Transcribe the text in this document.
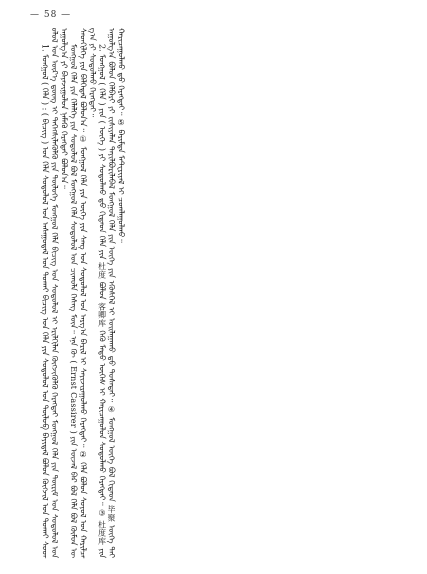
— 58 —

1. ᠮᠣᠩᠭᠣᠯ ( ᠬᠡᠯᠡ ) : ( ᠪᠢᠴᠢᠭ ) ᠤᠨ ᠬᠡᠯᠡ ᠰᠤᠳᠤᠯᠤᠯ ᠤᠨ ᠠᠰᠠᠭᠤᠳᠠᠯ ᠤᠨ ᠲᠤᠬᠠᠢ ᠪᠢᠴᠢᠭ ᠤᠨ ᠬᠡᠯᠡ ᠶᠢᠨ ᠰᠤᠳᠤᠯᠤᠯ ᠤᠨ ᠲᠦᠯᠦᠪ ᠪᠠᠶᠢᠳᠠᠯ ᠪᠣᠯᠤᠨ ᠬᠥᠭᠵᠢᠯ ᠤᠨ ᠲᠤᠬᠠᠢ ᠰᠤᠳᠤᠯᠤᠯ ᠤᠨ ᠦᠷ᠎ᠡ ᠳ᠋ᠦᠩ ᠢ ᠳᠡᠭᠡᠭᠰᠢᠯᠡᠭᠦᠯᠬᠦ ᠶᠢᠨ ᠲᠥᠯᠦᠭᠡ ᠮᠣᠩᠭᠣᠯ ᠬᠡᠯᠡ ᠪᠢᠴᠢᠭ ᠤᠨ ᠰᠤᠳᠤᠯᠤᠯ ᠢ ᠡᠷᠢᠯᠬᠢᠯᠡᠨ ᠬᠥᠭᠵᠢᠭᠦᠯᠬᠦ ᠬᠡᠷᠡᠭᠲᠡᠢ ᠮᠣᠩᠭᠣᠯ ᠬᠡᠯᠡ ᠶᠢᠨ ᠳᠦᠷᠢᠮ ᠤᠨ ᠰᠤᠳᠤᠯᠤᠯ ᠤᠨ ᠠᠭᠤᠯᠭ᠎ᠠ ᠶᠢ ᠪᠠᠶᠠᠵᠢᠭᠤᠯᠤᠨ ᠨᠡᠮᠡᠬᠦ ᠬᠡᠷᠡᠭᠲᠡᠢ ᠪᠣᠯᠤᠨ᠎ᠠ᠃ ᠮᠣᠩᠭᠣᠯ ᠬᠡᠯᠡ ᠶᠢᠨ ᠬᠡᠯᠡᠯᠭᠡ ᠶᠢᠨ ᠰᠤᠳᠤᠯᠤᠯ ᠪᠣᠯ ᠮᠣᠩᠭᠣᠯ ᠬᠡᠯᠡ ᠰᠤᠳᠤᠯᠤᠯ ᠤᠨ ᠴᠢᠬᠤᠯᠠ ᠬᠡᠰᠡᠭ ᠮᠥᠨ᠃ ᠡᠨᠡ ᠬᠦ ( Ernst Cassirer ) ᠶᠢᠨ ᠦᠵᠡᠯ ᠪᠠᠷ ᠪᠣᠯ ᠬᠡᠯᠡ ᠪᠣᠯ ᠬᠦᠮᠦᠨ ᠦ ᠰᠡᠳᠬᠢᠯᠭᠡ ᠶᠢᠨ ᠪᠡᠯᠭᠡᠳᠡᠯ ᠪᠣᠯᠤᠨ᠎ᠠ᠃ ① ᠮᠣᠩᠭᠣᠯ ᠬᠡᠯᠡ ᠶᠢᠨ ᠦᠭᠡ ᠶᠢᠨ ᠰᠠᠩ ᠤᠨ ᠰᠤᠳᠤᠯᠤᠯ ᠤᠨ ᠠᠷᠭ᠎ᠠ ᠪᠠᠷᠢᠯ ᠢ ᠰᠠᠶᠢᠵᠢᠷᠠᠭᠤᠯᠬᠤ ᠬᠡᠷᠡᠭᠲᠡᠢ᠃ ② ᠬᠡᠯᠡ ᠪᠣᠯᠤᠨ ᠰᠣᠶᠣᠯ ᠤᠨ ᠬᠠᠷᠢᠯᠴᠠᠭ᠎ᠠ ᠶᠢ ᠰᠤᠳᠤᠯᠬᠤ ᠬᠡᠷᠡᠭᠲᠡᠢ᠃ 2. ᠮᠣᠩᠭᠣᠯ ( ᠬᠡᠯᠡ ) ᠶᠢᠨ ( ᠦᠭᠡ ) ᠶᠢ ᠰᠤᠳᠤᠯᠬᠤ ᠳ᠋ᠤ᠌ ᠬᠢᠲᠠᠳ ᠬᠡᠯᠡ ᠶᠢᠨ 杜度 ᠪᠣᠯᠤᠨ 客卿库 ᠭᠡᠬᠦ ᠮᠡᠲᠦ ᠦᠭᠡᠰ ᠢ ᠬᠠᠷᠢᠴᠠᠭᠤᠯᠤᠨ ᠰᠤᠳᠤᠯᠬᠤ ᠬᠡᠷᠡᠭᠲᠡᠢ᠃ ③ 杜度库 ᠶᠢᠨ ᠠᠭᠤᠯᠭ᠎ᠠ ᠪᠣᠯᠤᠨ ᠬᠡᠯᠪᠡᠷᠢ ᠶᠢ ᠵᠢᠱᠢᠶᠡᠯᠡᠨ ᠲᠠᠶᠢᠯᠪᠤᠷᠢᠯᠠᠪᠠᠯ ᠮᠣᠩᠭᠣᠯ ᠬᠡᠯᠡ ᠶᠢᠨ ᠦᠭᠡ ᠶᠢᠨ ᠡᠭᠦᠰᠬᠡᠯ ᠢ ᠣᠢᠯᠠᠭᠠᠬᠤ ᠳ᠋ᠤ᠌ ᠲᠤᠰᠠᠲᠠᠢ᠃ ④ ᠮᠣᠩᠭᠣᠯ ᠦᠭᠡ ᠪᠣᠯ ᠬᠢᠲᠠᠳ 毕聚 ᠦᠭᠡ ᠲᠡᠢ ᠬᠠᠷᠢᠴᠠᠭᠤᠯᠬᠤ ᠳ᠋ᠤ᠌ ᠬᠡᠷᠡᠭᠲᠡᠢ᠃ ⑤ ᠪᠠᠷᠢᠮᠲᠠ ᠮᠠᠲ᠋ᠧᠷᠢᠶᠠᠯ ᠢ ᠴᠤᠭᠯᠠᠭᠤᠯᠬᠤ᠃
